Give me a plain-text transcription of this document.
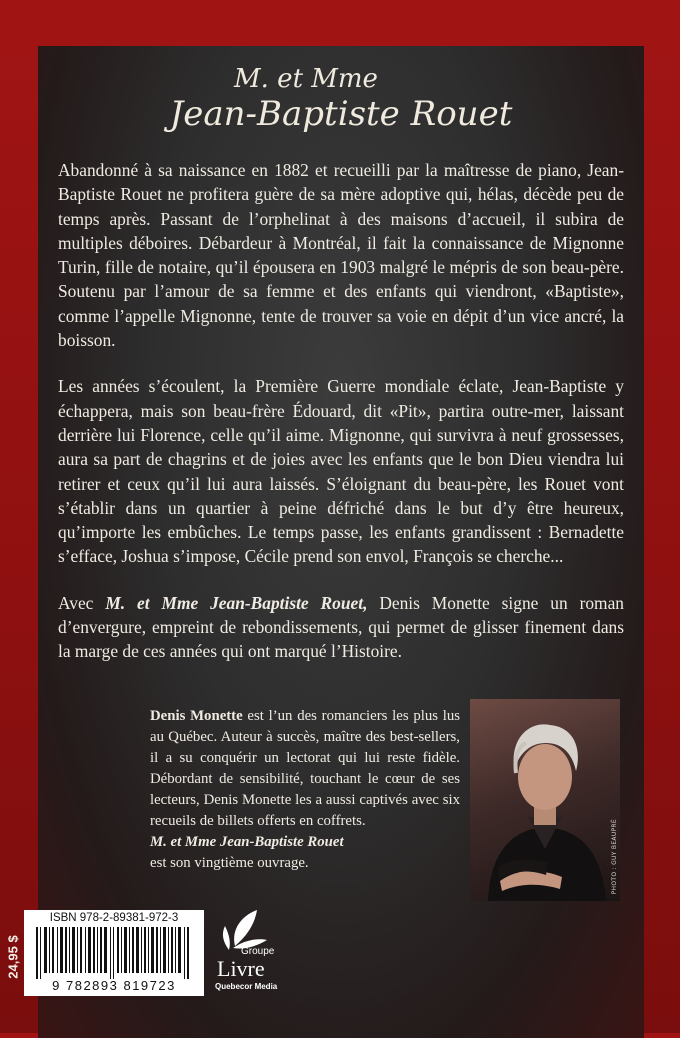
M. et Mme
Jean-Baptiste Rouet

Abandonné à sa naissance en 1882 et recueilli par la maîtresse de piano, Jean-Baptiste Rouet ne profitera guère de sa mère adoptive qui, hélas, décède peu de temps après. Passant de l’orphelinat à des maisons d’accueil, il subira de multiples déboires. Débardeur à Montréal, il fait la connaissance de Mignonne Turin, fille de notaire, qu’il épousera en 1903 malgré le mépris de son beau-père. Soutenu par l’amour de sa femme et des enfants qui viendront, «Baptiste», comme l’appelle Mignonne, tente de trouver sa voie en dépit d’un vice ancré, la boisson.

Les années s’écoulent, la Première Guerre mondiale éclate, Jean-Baptiste y échappera, mais son beau-frère Édouard, dit «Pit», partira outre-mer, laissant derrière lui Florence, celle qu’il aime. Mignonne, qui survivra à neuf grossesses, aura sa part de chagrins et de joies avec les enfants que le bon Dieu viendra lui retirer et ceux qu’il lui aura laissés. S’éloignant du beau-père, les Rouet vont s’établir dans un quartier à peine défriché dans le but d’y être heureux, qu’importe les embûches. Le temps passe, les enfants grandissent : Bernadette s’efface, Joshua s’impose, Cécile prend son envol, François se cherche...

Avec M. et Mme Jean-Baptiste Rouet, Denis Monette signe un roman d’envergure, empreint de rebondissements, qui permet de glisser finement dans la marge de ces années qui ont marqué l’Histoire.

Denis Monette est l’un des romanciers les plus lus au Québec. Auteur à succès, maître des best-sellers, il a su conquérir un lectorat qui lui reste fidèle. Débordant de sensibilité, touchant le cœur de ses lecteurs, Denis Monette les a aussi captivés avec six recueils de billets offerts en coffrets.
M. et Mme Jean-Baptiste Rouet
est son vingtième ouvrage.	PHOTO : GUY BEAUPRÉ
24,95 $
ISBN 978-2-89381-972-3
9 782893 819723
Groupe
Livre
Quebecor Media
